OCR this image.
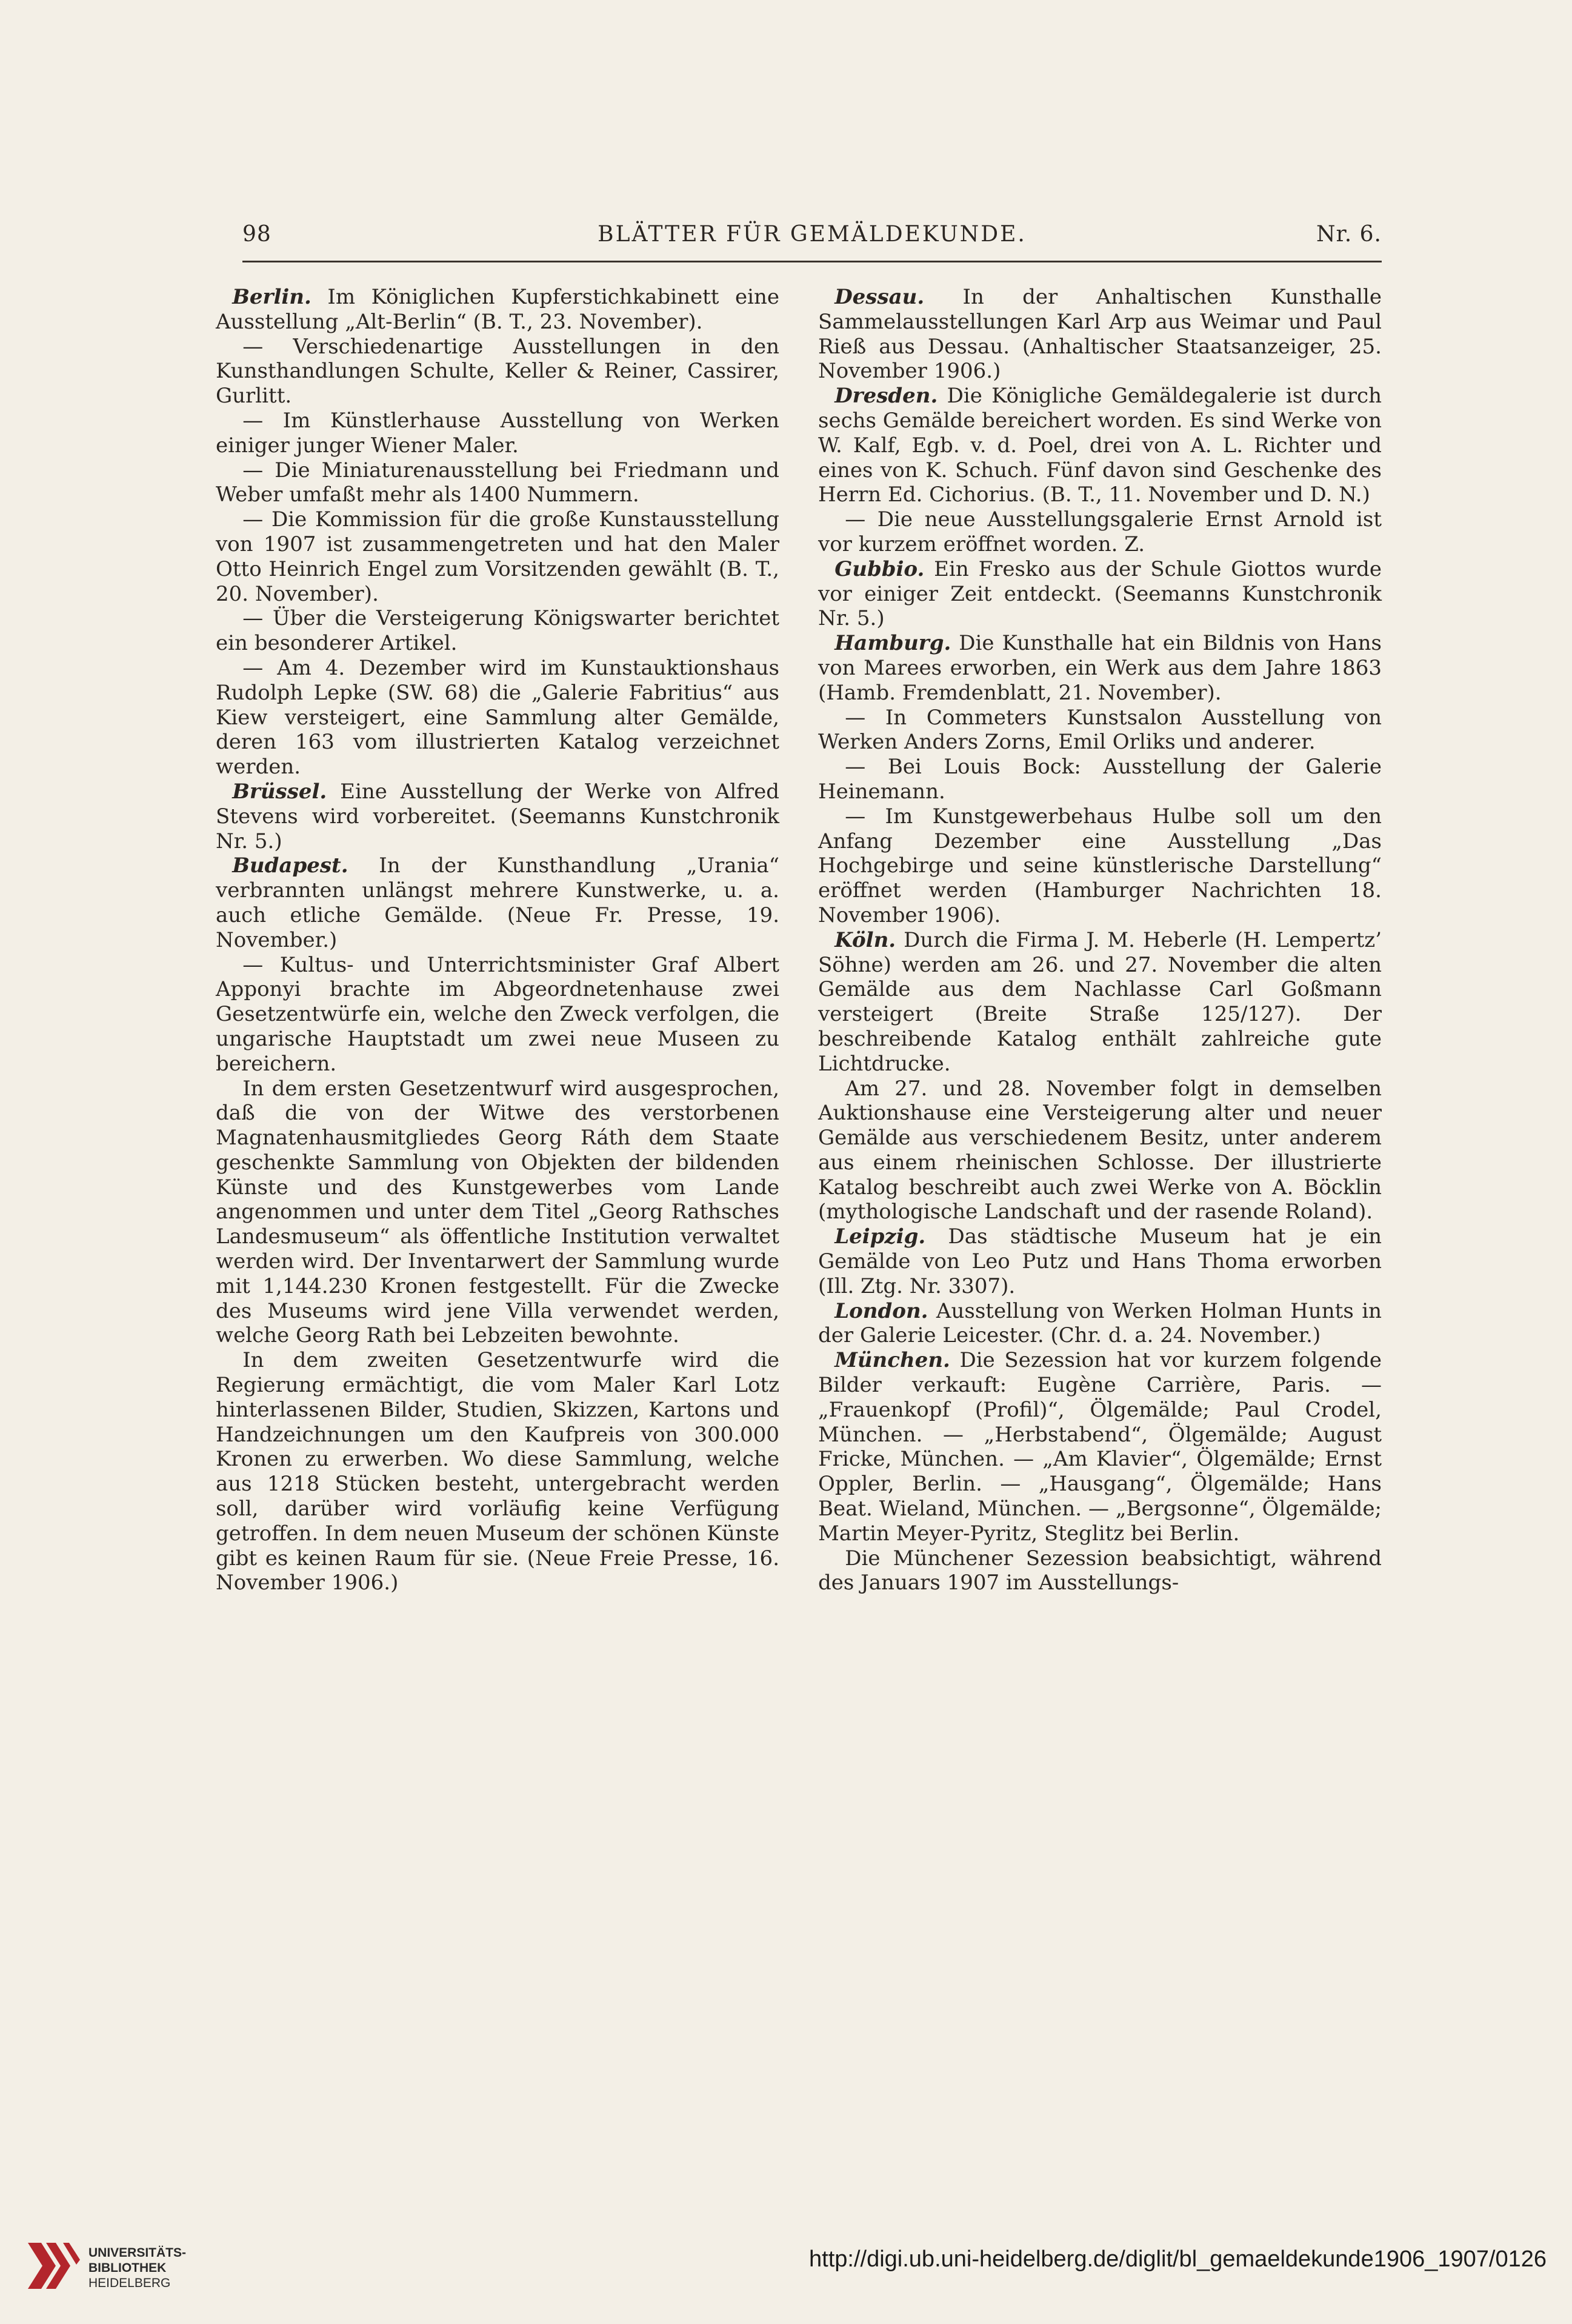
98	BLÄTTER FÜR GEMÄLDEKUNDE.	Nr. 6.

Berlin. Im Königlichen Kupferstichkabinett eine Ausstellung „Alt-Berlin“ (B. T., 23. November).

— Verschiedenartige Ausstellungen in den Kunsthandlungen Schulte, Keller & Reiner, Cassirer, Gurlitt.

— Im Künstlerhause Ausstellung von Werken einiger junger Wiener Maler.

— Die Miniaturenausstellung bei Friedmann und Weber umfaßt mehr als 1400 Nummern.

— Die Kommission für die große Kunstausstellung von 1907 ist zusammengetreten und hat den Maler Otto Heinrich Engel zum Vorsitzenden gewählt (B. T., 20. November).

— Über die Versteigerung Königswarter berichtet ein besonderer Artikel.

— Am 4. Dezember wird im Kunstauktionshaus Rudolph Lepke (SW. 68) die „Galerie Fabritius“ aus Kiew versteigert, eine Sammlung alter Gemälde, deren 163 vom illustrierten Katalog verzeichnet werden.

Brüssel. Eine Ausstellung der Werke von Alfred Stevens wird vorbereitet. (Seemanns Kunstchronik Nr. 5.)

Budapest. In der Kunsthandlung „Urania“ verbrannten unlängst mehrere Kunstwerke, u. a. auch etliche Gemälde. (Neue Fr. Presse, 19. November.)

— Kultus- und Unterrichtsminister Graf Albert Apponyi brachte im Abgeordnetenhause zwei Gesetzentwürfe ein, welche den Zweck verfolgen, die ungarische Hauptstadt um zwei neue Museen zu bereichern.

In dem ersten Gesetzentwurf wird ausgesprochen, daß die von der Witwe des verstorbenen Magnatenhausmitgliedes Georg Ráth dem Staate geschenkte Sammlung von Objekten der bildenden Künste und des Kunstgewerbes vom Lande angenommen und unter dem Titel „Georg Rathsches Landesmuseum“ als öffentliche Institution verwaltet werden wird. Der Inventarwert der Sammlung wurde mit 1,144.230 Kronen festgestellt. Für die Zwecke des Museums wird jene Villa verwendet werden, welche Georg Rath bei Lebzeiten bewohnte.

In dem zweiten Gesetzentwurfe wird die Regierung ermächtigt, die vom Maler Karl Lotz hinterlassenen Bilder, Studien, Skizzen, Kartons und Handzeichnungen um den Kaufpreis von 300.000 Kronen zu erwerben. Wo diese Sammlung, welche aus 1218 Stücken besteht, untergebracht werden soll, darüber wird vorläufig keine Verfügung getroffen. In dem neuen Museum der schönen Künste gibt es keinen Raum für sie. (Neue Freie Presse, 16. November 1906.)

Dessau. In der Anhaltischen Kunsthalle Sammelausstellungen Karl Arp aus Weimar und Paul Rieß aus Dessau. (Anhaltischer Staatsanzeiger, 25. November 1906.)

Dresden. Die Königliche Gemäldegalerie ist durch sechs Gemälde bereichert worden. Es sind Werke von W. Kalf, Egb. v. d. Poel, drei von A. L. Richter und eines von K. Schuch. Fünf davon sind Geschenke des Herrn Ed. Cichorius. (B. T., 11. November und D. N.)

— Die neue Ausstellungsgalerie Ernst Arnold ist vor kurzem eröffnet worden. Z.

Gubbio. Ein Fresko aus der Schule Giottos wurde vor einiger Zeit entdeckt. (Seemanns Kunstchronik Nr. 5.)

Hamburg. Die Kunsthalle hat ein Bildnis von Hans von Marees erworben, ein Werk aus dem Jahre 1863 (Hamb. Fremdenblatt, 21. November).

— In Commeters Kunstsalon Ausstellung von Werken Anders Zorns, Emil Orliks und anderer.

— Bei Louis Bock: Ausstellung der Galerie Heinemann.

— Im Kunstgewerbehaus Hulbe soll um den Anfang Dezember eine Ausstellung „Das Hochgebirge und seine künstlerische Darstellung“ eröffnet werden (Hamburger Nachrichten 18. November 1906).

Köln. Durch die Firma J. M. Heberle (H. Lempertz’ Söhne) werden am 26. und 27. November die alten Gemälde aus dem Nachlasse Carl Goßmann versteigert (Breite Straße 125/127). Der beschreibende Katalog enthält zahlreiche gute Lichtdrucke.

Am 27. und 28. November folgt in demselben Auktionshause eine Versteigerung alter und neuer Gemälde aus verschiedenem Besitz, unter anderem aus einem rheinischen Schlosse. Der illustrierte Katalog beschreibt auch zwei Werke von A. Böcklin (mythologische Landschaft und der rasende Roland).

Leipzig. Das städtische Museum hat je ein Gemälde von Leo Putz und Hans Thoma erworben (Ill. Ztg. Nr. 3307).

London. Ausstellung von Werken Holman Hunts in der Galerie Leicester. (Chr. d. a. 24. November.)

München. Die Sezession hat vor kurzem folgende Bilder verkauft: Eugène Carrière, Paris. — „Frauenkopf (Profil)“, Ölgemälde; Paul Crodel, München. — „Herbstabend“, Ölgemälde; August Fricke, München. — „Am Klavier“, Ölgemälde; Ernst Oppler, Berlin. — „Hausgang“, Ölgemälde; Hans Beat. Wieland, München. — „Bergsonne“, Ölgemälde; Martin Meyer-Pyritz, Steglitz bei Berlin.

Die Münchener Sezession beabsichtigt, während des Januars 1907 im Ausstellungs-

UNIVERSITÄTS-
BIBLIOTHEK
HEIDELBERG
http://digi.ub.uni-heidelberg.de/diglit/bl_gemaeldekunde1906_1907/0126
